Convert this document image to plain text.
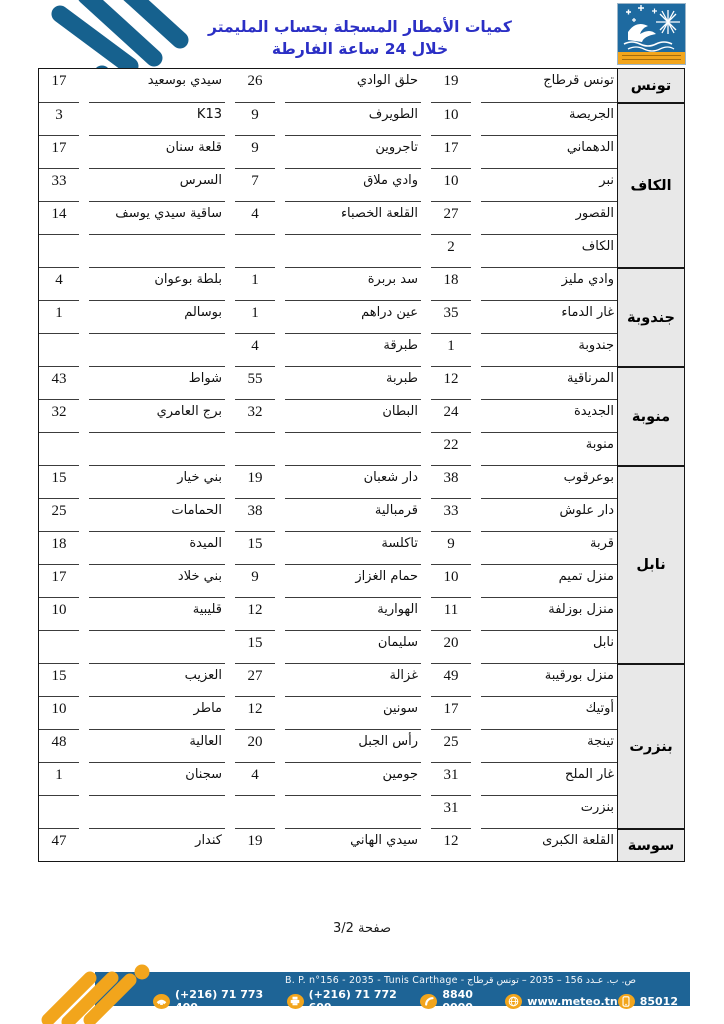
كميات الأمطار المسجلة بحساب المليمتر
خلال 24 ساعة الفارطة
تونس قرطاج
19
حلق الوادي
26
سيدي بوسعيد
17
الجريصة
10
الطويرف
9
K13
3
الدهماني
17
تاجروين
9
قلعة سنان
17
نبر
10
وادي ملاق
7
السرس
33
القصور
27
القلعة الخصباء
4
ساقية سيدي يوسف
14
الكاف
2
وادي مليز
18
سد بربرة
1
بلطة بوعوان
4
غار الدماء
35
عين دراهم
1
بوسالم
1
جندوبة
1
طبرقة
4
المرناقية
12
طبربة
55
شواط
43
الجديدة
24
البطان
32
برج العامري
32
منوبة
22
بوعرقوب
38
دار شعبان
19
بني خيار
15
دار علوش
33
قرمبالية
38
الحمامات
25
قربة
9
تاكلسة
15
الميدة
18
منزل تميم
10
حمام الغزاز
9
بني خلاد
17
منزل بوزلفة
11
الهوارية
12
قليبية
10
نابل
20
سليمان
15
منزل بورقيبة
49
غزالة
27
العزيب
15
أوتيك
17
سونين
12
ماطر
10
تينجة
25
رأس الجبل
20
العالية
48
غار الملح
31
جومين
4
سجنان
1
بنزرت
31
القلعة الكبرى
12
سيدي الهاني
19
كندار
47
تونس
الكاف
جندوبة
منوبة
نابل
بنزرت
سوسة
صفحة 3/2
ص. ب. عـدد 156 – 2035 – تونس قرطاج - B. P. n°156 - 2035 - Tunis Carthage
(+216) 71 773 400
(+216) 71 772 609
8840 0000	www.meteo.tn 85012
